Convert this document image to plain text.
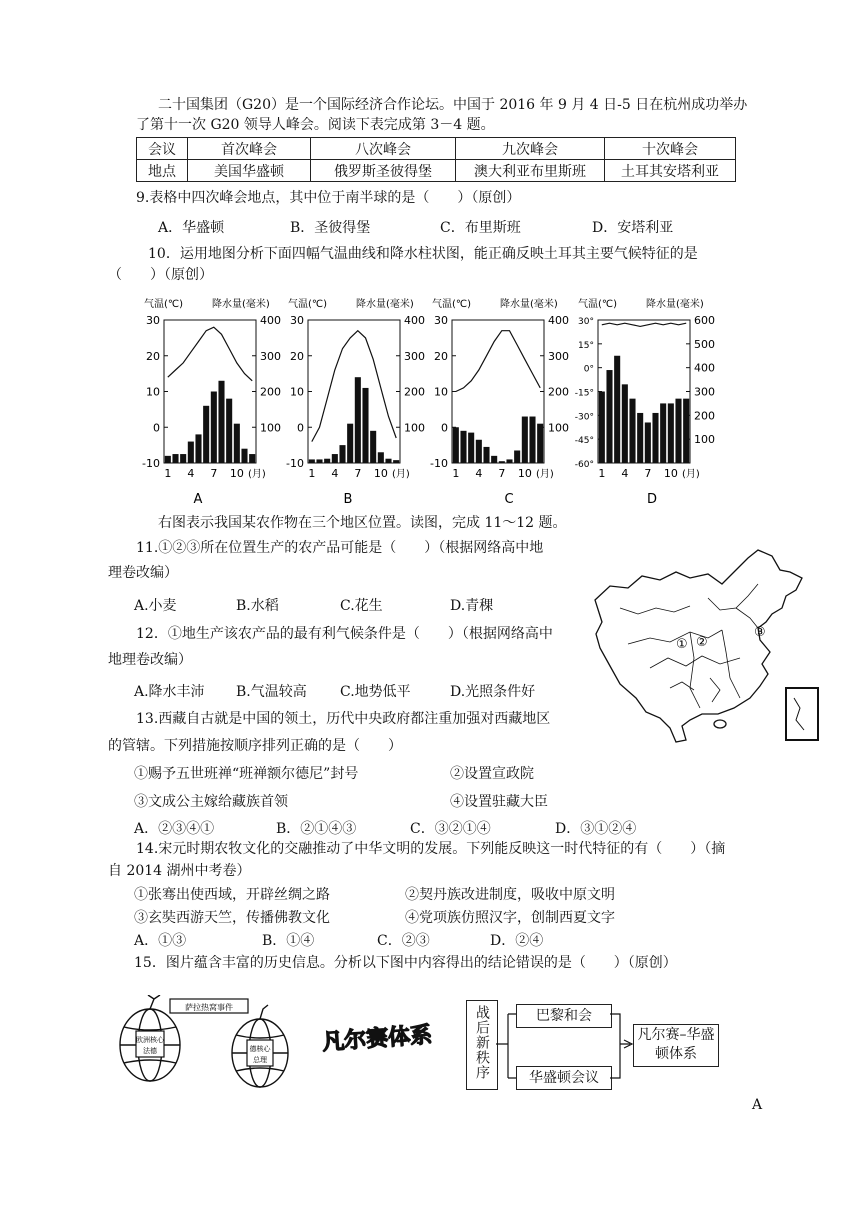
二十国集团（G20）是一个国际经济合作论坛。中国于 2016 年 9 月 4 日-5 日在杭州成功举办
了第十一次 G20 领导人峰会。阅读下表完成第 3－4 题。
会议	首次峰会	八次峰会	九次峰会	十次峰会
地点	美国华盛顿	俄罗斯圣彼得堡	澳大利亚布里斯班	土耳其安塔利亚
9.表格中四次峰会地点，其中位于南半球的是（　　）（原创）
A．华盛顿	B．圣彼得堡	C．布里斯班	D．安塔利亚
10．运用地图分析下面四幅气温曲线和降水柱状图，能正确反映土耳其主要气候特征的是
（　　）（原创）
气温(℃)	降水量(毫米)
-10
0
10
20
30
100
200
300
400
1 4 7 10 (月)
A
气温(℃)	降水量(毫米)
-10
0
10
20
30
100
200
300
400
1 4 7 10 (月)
B
气温(℃)	降水量(毫米)
-10
0
10
20
30
100
200
300
400
1 4 7 10 (月)
C
气温(℃)	降水量(毫米)
-60°
-45°
-30°
-15°
0°
15°
30°
100
200
300
400
500
600
1 4 7 10 (月)
D
右图表示我国某农作物在三个地区位置。读图，完成 11～12 题。
11.①②③所在位置生产的农产品可能是（　　）（根据网络高中地
理卷改编）
A.小麦	B.水稻	C.花生	D.青稞
12．①地生产该农产品的最有利气候条件是（　　）（根据网络高中
地理卷改编）
A.降水丰沛 B.气温较高 C.地势低平	D.光照条件好
① ②
③
13.西藏自古就是中国的领土，历代中央政府都注重加强对西藏地区
的管辖。下列措施按顺序排列正确的是（　　）
①赐予五世班禅“班禅额尔德尼”封号	②设置宣政院
③文成公主嫁给藏族首领	④设置驻藏大臣
A．②③④①	B．②①④③	C．③②①④	D．③①②④
14.宋元时期农牧文化的交融推动了中华文明的发展。下列能反映这一时代特征的有（　　）（摘
自 2014 湖州中考卷）
①张骞出使西域，开辟丝绸之路	②契丹族改进制度，吸收中原文明
③玄奘西游天竺，传播佛教文化	④党项族仿照汉字，创制西夏文字
A．①③	B．①④	C．②③	D．②④
15．图片蕴含丰富的历史信息。分析以下图中内容得出的结论错误的是（　　）（原创）
萨拉热窝事件
欧洲核心
法德	德核心
总理
凡尔赛体系	战后新秩序	巴黎和会
华盛顿会议
凡尔赛–华盛顿体系
A
